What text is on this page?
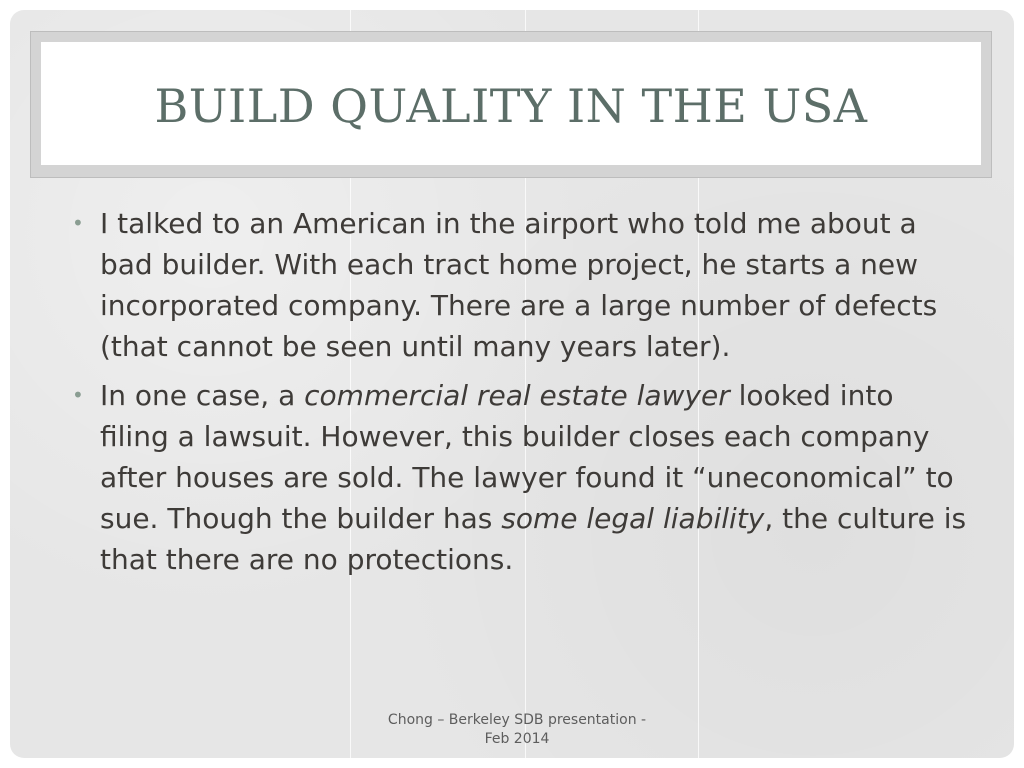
BUILD QUALITY IN THE USA
• I talked to an American in the airport who told me about a bad builder. With each tract home project, he starts a new incorporated company. There are a large number of defects (that cannot be seen until many years later).
• In one case, a commercial real estate lawyer looked into filing a lawsuit. However, this builder closes each company after houses are sold. The lawyer found it “uneconomical” to sue. Though the builder has some legal liability, the culture is that there are no protections.
Chong – Berkeley SDB presentation -
Feb 2014
